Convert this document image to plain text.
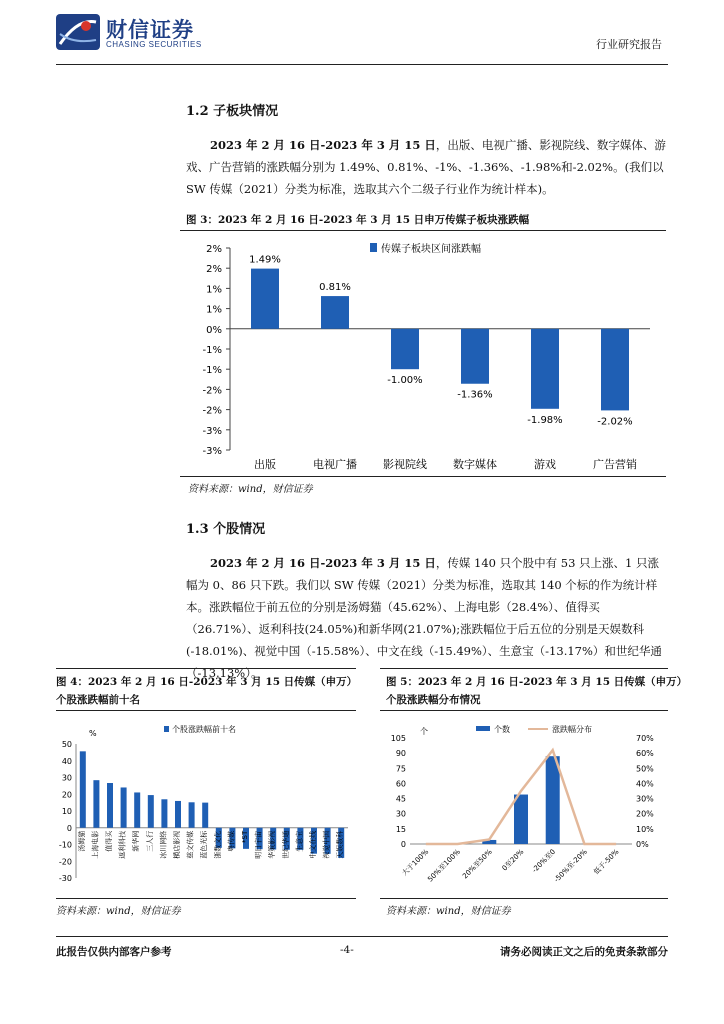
财信证券
CHASING SECURITIES	行业研究报告
1.2 子板块情况
2023 年 2 月 16 日-2023 年 3 月 15 日，出版、电视广播、影视院线、数字媒体、游戏、广告营销的涨跌幅分别为 1.49%、0.81%、-1%、-1.36%、-1.98%和-2.02%。(我们以 SW 传媒（2021）分类为标准，选取其六个二级子行业作为统计样本)。
图 3：2023 年 2 月 16 日-2023 年 3 月 15 日申万传媒子板块涨跌幅
2%
2%
1%
1%
0%
-1%
-1%
-2%
-2%
-3%
-3%
1.49%
出版
0.81%
电视广播
-1.00%
影视院线
-1.36%
数字媒体
-1.98%
游戏
-2.02%
广告营销
传媒子板块区间涨跌幅
资料来源：wind，财信证券
1.3 个股情况
2023 年 2 月 16 日-2023 年 3 月 15 日，传媒 140 只个股中有 53 只上涨、1 只涨幅为 0、86 只下跌。我们以 SW 传媒（2021）分类为标准，选取其 140 个标的作为统计样本。涨跌幅位于前五位的分别是汤姆猫（45.62%）、上海电影（28.4%）、值得买（26.71%）、返利科技(24.05%)和新华网(21.07%);涨跌幅位于后五位的分别是天娱数科(-18.01%)、视觉中国（-15.58%）、中文在线（-15.49%）、生意宝（-13.17%）和世纪华通（-13.13%）。
图 4：2023 年 2 月 16 日-2023 年 3 月 15 日传媒（申万）
个股涨跌幅前十名
%	个股涨跌幅前十名
50
40
30
20
10
0
-10
-20
-30
汤姆猫 上海电影 值得买 返利科技 新华网 三人行 冰川网络 横店影视 慈文传媒 蓝色光标 浙数文化 粤传媒 *ST 明日宇宙 华策影视 世纪华通 生意宝 中文在线 视觉中国 天娱数科
资料来源：wind，财信证券
图 5：2023 年 2 月 16 日-2023 年 3 月 15 日传媒（申万）
个股涨跌幅分布情况
个	个数	涨跌幅分布
105
90
75
60
45
30
15
0
70%
60%
50%
40%
30%
20%
10%
0%
大于100%
50%至100% 20%至50% 0至20% -20%至0
-50%至-20% 低于-50%
资料来源：wind，财信证券
此报告仅供内部客户参考	-4-	请务必阅读正文之后的免责条款部分
